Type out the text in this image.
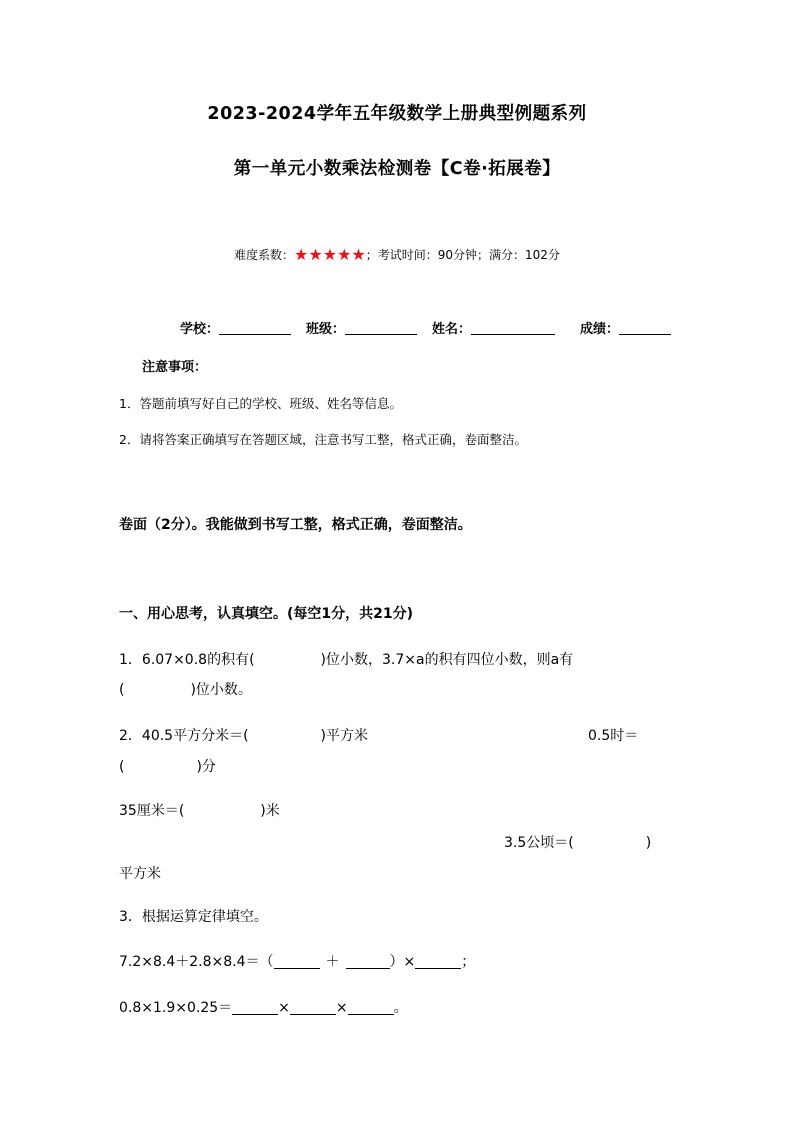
2023-2024学年五年级数学上册典型例题系列
第一单元小数乘法检测卷【C卷·拓展卷】
难度系数：★★★★★；考试时间：90分钟；满分：102分
学校：	班级：	姓名：	成绩：
注意事项：
1．答题前填写好自己的学校、班级、姓名等信息。
2．请将答案正确填写在答题区域，注意书写工整，格式正确，卷面整洁。
卷面（2分）。我能做到书写工整，格式正确，卷面整洁。
一、用心思考，认真填空。(每空1分，共21分)
1．6.07×0.8的积有(	)位小数，3.7×a的积有四位小数，则a有
(	)位小数。
2．40.5平方分米＝(	)平方米	0.5时＝
(	)分
35厘米＝(	)米
3.5公顷＝(	)
平方米
3．根据运算定律填空。
7.2×8.4＋2.8×8.4＝（	＋	）×	；
0.8×1.9×0.25＝	×	×	。
